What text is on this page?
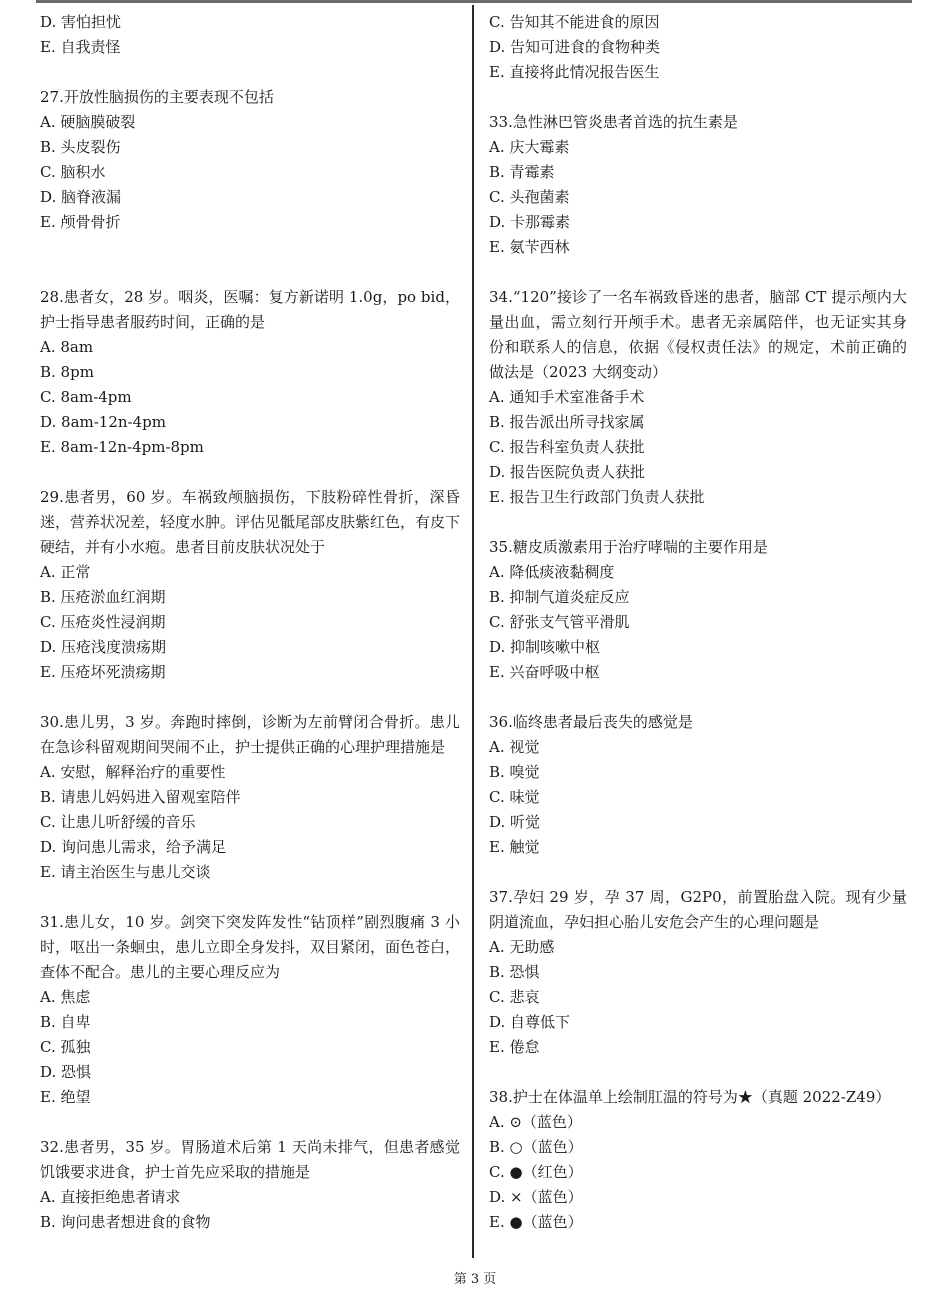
D. 害怕担忧
E. 自我责怪
27.开放性脑损伤的主要表现不包括
A. 硬脑膜破裂
B. 头皮裂伤
C. 脑积水
D. 脑脊液漏
E. 颅骨骨折
28.患者女，28 岁。咽炎，医嘱：复方新诺明 1.0g，po bid，护士指导患者服药时间，正确的是
A. 8am
B. 8pm
C. 8am-4pm
D. 8am-12n-4pm
E. 8am-12n-4pm-8pm
29.患者男，60 岁。车祸致颅脑损伤，下肢粉碎性骨折，深昏迷，营养状况差，轻度水肿。评估见骶尾部皮肤紫红色，有皮下硬结，并有小水疱。患者目前皮肤状况处于
A. 正常
B. 压疮淤血红润期
C. 压疮炎性浸润期
D. 压疮浅度溃疡期
E. 压疮坏死溃疡期
30.患儿男，3 岁。奔跑时摔倒，诊断为左前臂闭合骨折。患儿在急诊科留观期间哭闹不止，护士提供正确的心理护理措施是
A. 安慰，解释治疗的重要性
B. 请患儿妈妈进入留观室陪伴
C. 让患儿听舒缓的音乐
D. 询问患儿需求，给予满足
E. 请主治医生与患儿交谈
31.患儿女，10 岁。剑突下突发阵发性“钻顶样”剧烈腹痛 3 小时，呕出一条蛔虫，患儿立即全身发抖，双目紧闭，面色苍白，查体不配合。患儿的主要心理反应为
A. 焦虑
B. 自卑
C. 孤独
D. 恐惧
E. 绝望
32.患者男，35 岁。胃肠道术后第 1 天尚未排气，但患者感觉饥饿要求进食，护士首先应采取的措施是
A. 直接拒绝患者请求
B. 询问患者想进食的食物
C. 告知其不能进食的原因
D. 告知可进食的食物种类
E. 直接将此情况报告医生
33.急性淋巴管炎患者首选的抗生素是
A. 庆大霉素
B. 青霉素
C. 头孢菌素
D. 卡那霉素
E. 氨苄西林
34.“120”接诊了一名车祸致昏迷的患者，脑部 CT 提示颅内大量出血，需立刻行开颅手术。患者无亲属陪伴，也无证实其身份和联系人的信息，依据《侵权责任法》的规定，术前正确的做法是（2023 大纲变动）
A. 通知手术室准备手术
B. 报告派出所寻找家属
C. 报告科室负责人获批
D. 报告医院负责人获批
E. 报告卫生行政部门负责人获批
35.糖皮质激素用于治疗哮喘的主要作用是
A. 降低痰液黏稠度
B. 抑制气道炎症反应
C. 舒张支气管平滑肌
D. 抑制咳嗽中枢
E. 兴奋呼吸中枢
36.临终患者最后丧失的感觉是
A. 视觉
B. 嗅觉
C. 味觉
D. 听觉
E. 触觉
37.孕妇 29 岁，孕 37 周，G2P0，前置胎盘入院。现有少量阴道流血，孕妇担心胎儿安危会产生的心理问题是
A. 无助感
B. 恐惧
C. 悲哀
D. 自尊低下
E. 倦怠
38.护士在体温单上绘制肛温的符号为★（真题 2022-Z49）
A. ⊙（蓝色）
B. ○（蓝色）
C. ●（红色）
D. ×（蓝色）
E. ●（蓝色）
第 3 页
